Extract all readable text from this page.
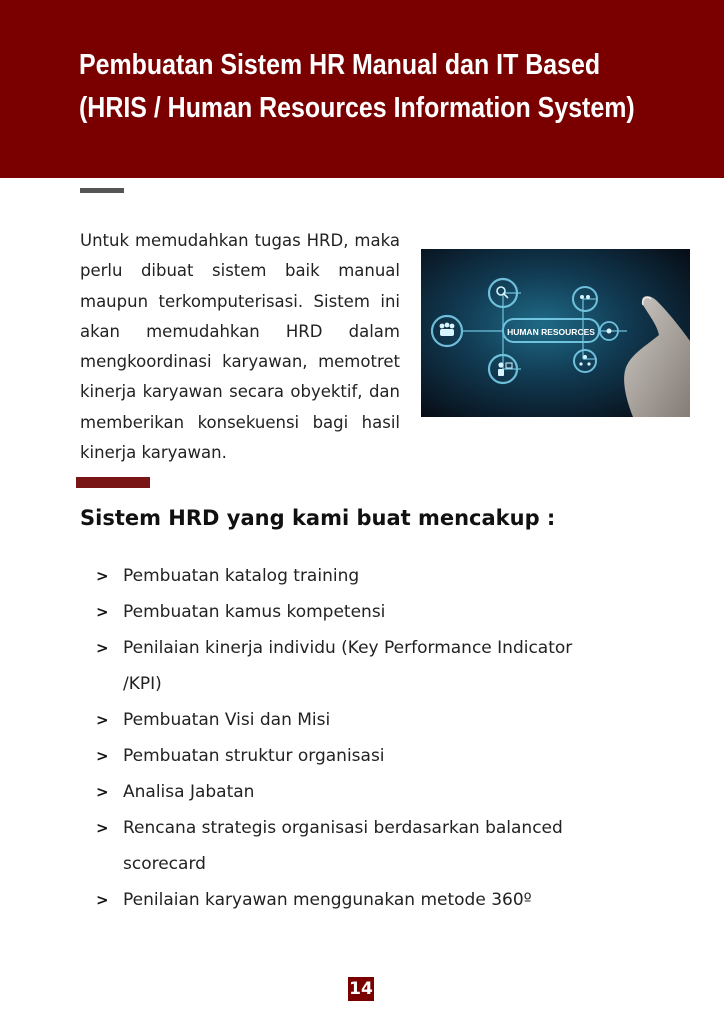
Pembuatan Sistem HR Manual dan IT Based
(HRIS / Human Resources Information System)

Untuk memudahkan tugas HRD, maka perlu dibuat sistem baik manual maupun terkomputerisasi. Sistem ini akan memudahkan HRD dalam mengkoordinasi karyawan, memotret kinerja karyawan secara obyektif, dan memberikan konsekuensi bagi hasil kinerja karyawan.

HUMAN RESOURCES
Sistem HRD yang kami buat mencakup :
> Pembuatan katalog training
> Pembuatan kamus kompetensi
> Penilaian kinerja individu (Key Performance Indicator /KPI)
> Pembuatan Visi dan Misi
> Pembuatan struktur organisasi
> Analisa Jabatan
> Rencana strategis organisasi berdasarkan balanced scorecard
> Penilaian karyawan menggunakan metode 360º
14
